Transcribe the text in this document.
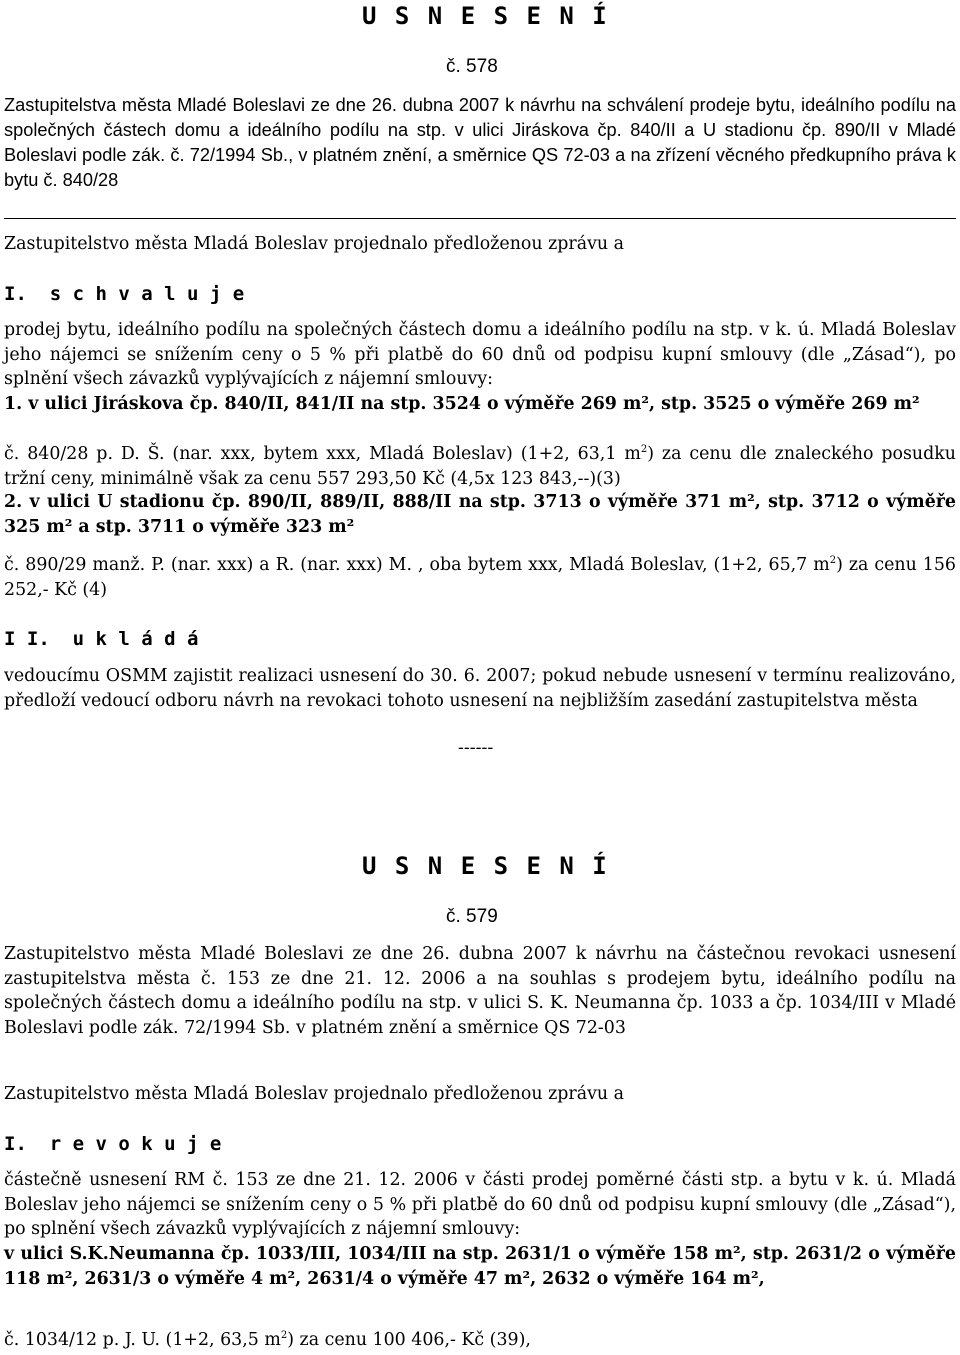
U S N E S E N Í
č. 578

Zastupitelstva města Mladé Boleslavi ze dne 26. dubna 2007 k návrhu na schválení prodeje bytu, ideálního podílu na společných částech domu a ideálního podílu na stp. v ulici Jiráskova čp. 840/II a U stadionu čp. 890/II v Mladé Boleslavi podle zák. č. 72/1994 Sb., v platném znění, a směrnice QS 72-03 a na zřízení věcného předkupního práva k bytu č. 840/28

Zastupitelstvo města Mladá Boleslav projednalo předloženou zprávu a

I.  s c h v a l u j e

prodej bytu, ideálního podílu na společných částech domu a ideálního podílu na stp. v k. ú. Mladá Boleslav jeho nájemci se snížením ceny o 5 % při platbě do 60 dnů od podpisu kupní smlouvy (dle „Zásad“), po splnění všech závazků vyplývajících z nájemní smlouvy:

1. v ulici Jiráskova čp. 840/II, 841/II na stp. 3524 o výměře 269 m², stp. 3525 o výměře 269 m²

č. 840/28 p. D. Š. (nar. xxx, bytem xxx, Mladá Boleslav) (1+2, 63,1 $m^2$) za cenu dle znaleckého posudku tržní ceny, minimálně však za cenu 557 293,50 Kč (4,5x 123 843,--)(3)

2. v ulici U stadionu čp. 890/II, 889/II, 888/II na stp. 3713 o výměře 371 m², stp. 3712 o výměře 325 m² a stp. 3711 o výměře 323 m²

č. 890/29 manž. P. (nar. xxx) a R. (nar. xxx) M. , oba bytem xxx, Mladá Boleslav, (1+2, 65,7 $m^2$) za cenu 156 252,- Kč (4)

I I.  u k l á d á

vedoucímu OSMM zajistit realizaci usnesení do 30. 6. 2007; pokud nebude usnesení v termínu realizováno, předloží vedoucí odboru návrh na revokaci tohoto usnesení na nejbližším zasedání zastupitelstva města

------
U S N E S E N Í
č. 579

Zastupitelstvo města Mladé Boleslavi ze dne 26. dubna 2007 k návrhu na částečnou revokaci usnesení zastupitelstva města č. 153 ze dne 21. 12. 2006 a na souhlas s prodejem bytu, ideálního podílu na společných částech domu a ideálního podílu na stp. v ulici S. K. Neumanna čp. 1033 a čp. 1034/III v Mladé Boleslavi podle zák. 72/1994 Sb. v platném znění a směrnice QS 72-03

Zastupitelstvo města Mladá Boleslav projednalo předloženou zprávu a

I.  r e v o k u j e

částečně usnesení RM č. 153 ze dne 21. 12. 2006 v části prodej poměrné části stp. a bytu v k. ú. Mladá Boleslav jeho nájemci se snížením ceny o 5 % při platbě do 60 dnů od podpisu kupní smlouvy (dle „Zásad“), po splnění všech závazků vyplývajících z nájemní smlouvy:

v ulici S.K.Neumanna čp. 1033/III, 1034/III na stp. 2631/1 o výměře 158 m², stp. 2631/2 o výměře 118 m², 2631/3 o výměře 4 m², 2631/4 o výměře 47 m², 2632 o výměře 164 m²,

č. 1034/12 p. J. U. (1+2, 63,5 $m^2$) za cenu 100 406,- Kč (39),
